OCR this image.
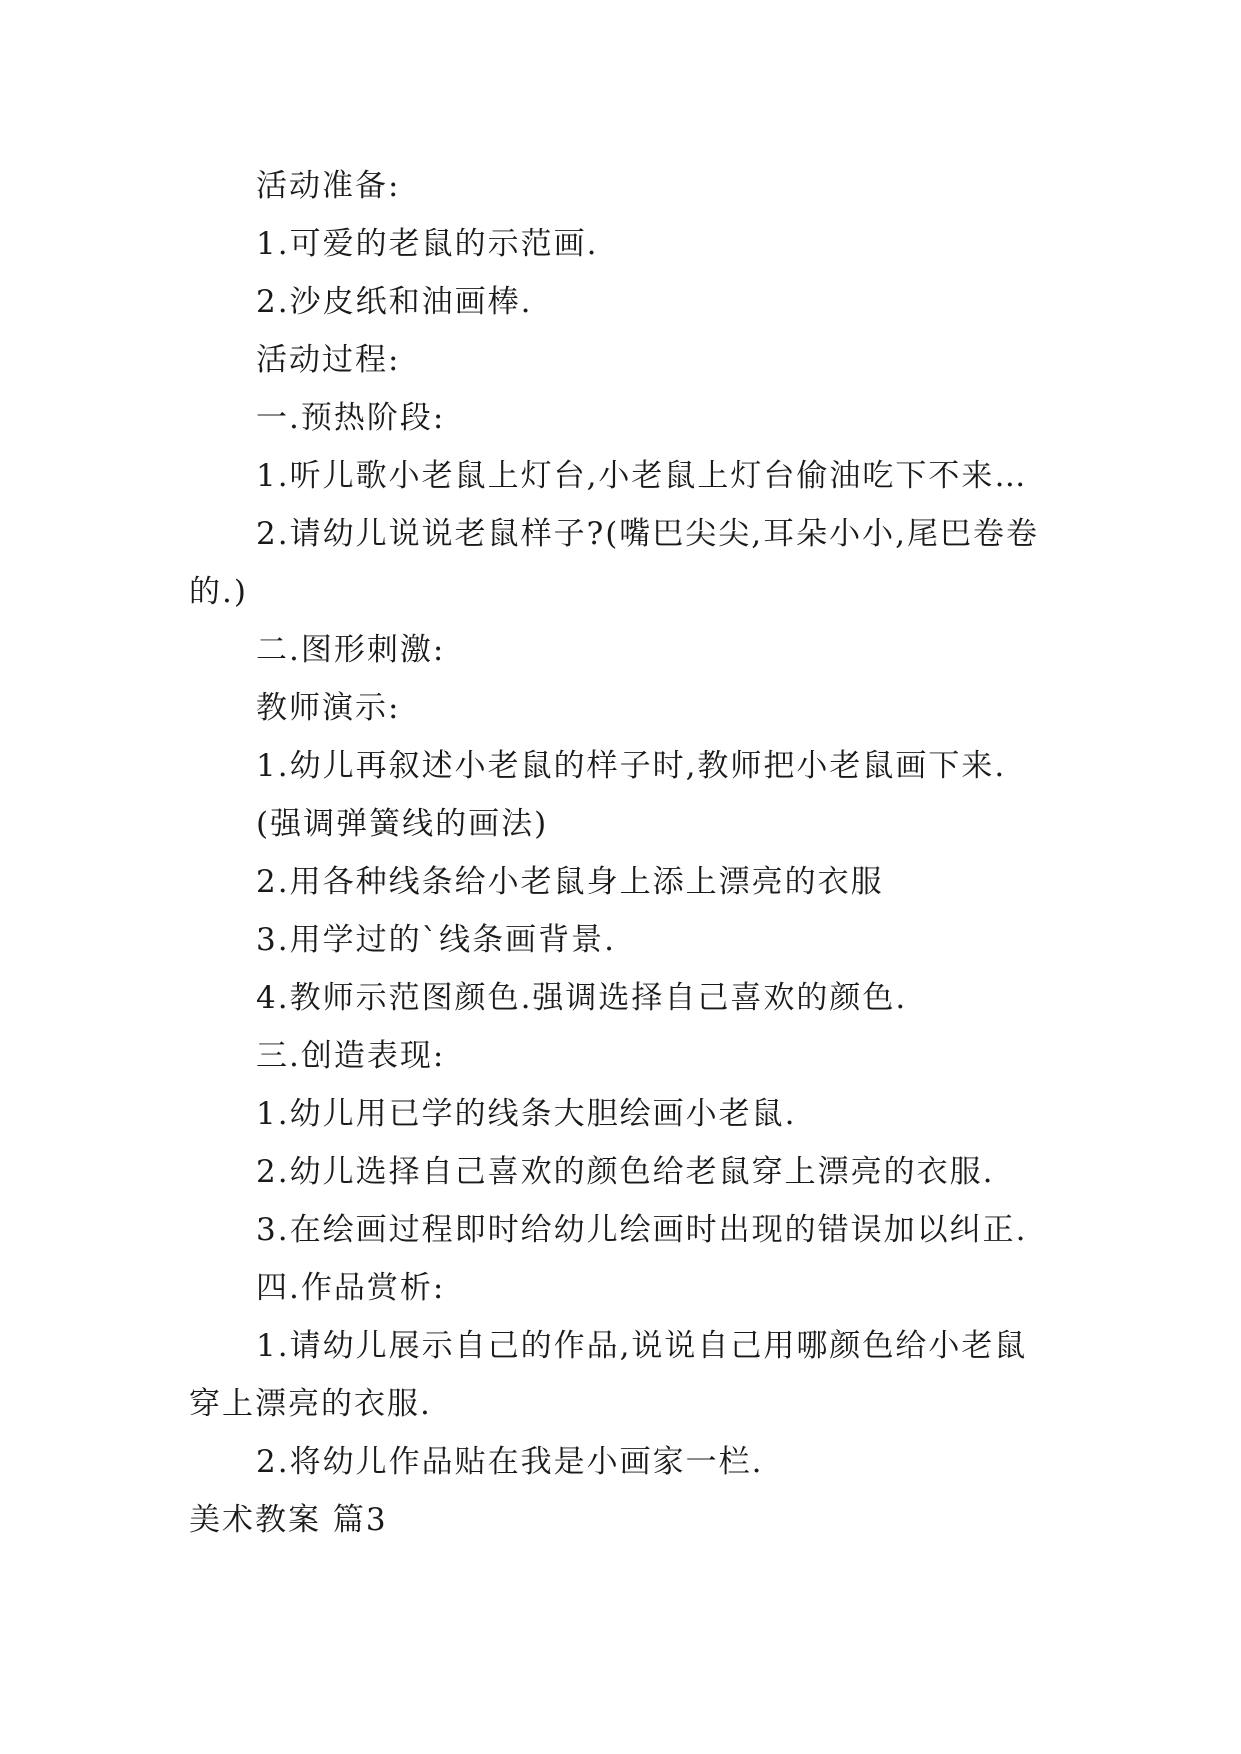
活动准备:
1.可爱的老鼠的示范画.
2.沙皮纸和油画棒.
活动过程:
一.预热阶段:
1.听儿歌小老鼠上灯台,小老鼠上灯台偷油吃下不来…
2.请幼儿说说老鼠样子?(嘴巴尖尖,耳朵小小,尾巴卷卷
的.)
二.图形刺激:
教师演示:
1.幼儿再叙述小老鼠的样子时,教师把小老鼠画下来.
(强调弹簧线的画法)
2.用各种线条给小老鼠身上添上漂亮的衣服
3.用学过的`线条画背景.
4.教师示范图颜色.强调选择自己喜欢的颜色.
三.创造表现:
1.幼儿用已学的线条大胆绘画小老鼠.
2.幼儿选择自己喜欢的颜色给老鼠穿上漂亮的衣服.
3.在绘画过程即时给幼儿绘画时出现的错误加以纠正.
四.作品赏析:
1.请幼儿展示自己的作品,说说自己用哪颜色给小老鼠
穿上漂亮的衣服.
2.将幼儿作品贴在我是小画家一栏.
美术教案 篇3
